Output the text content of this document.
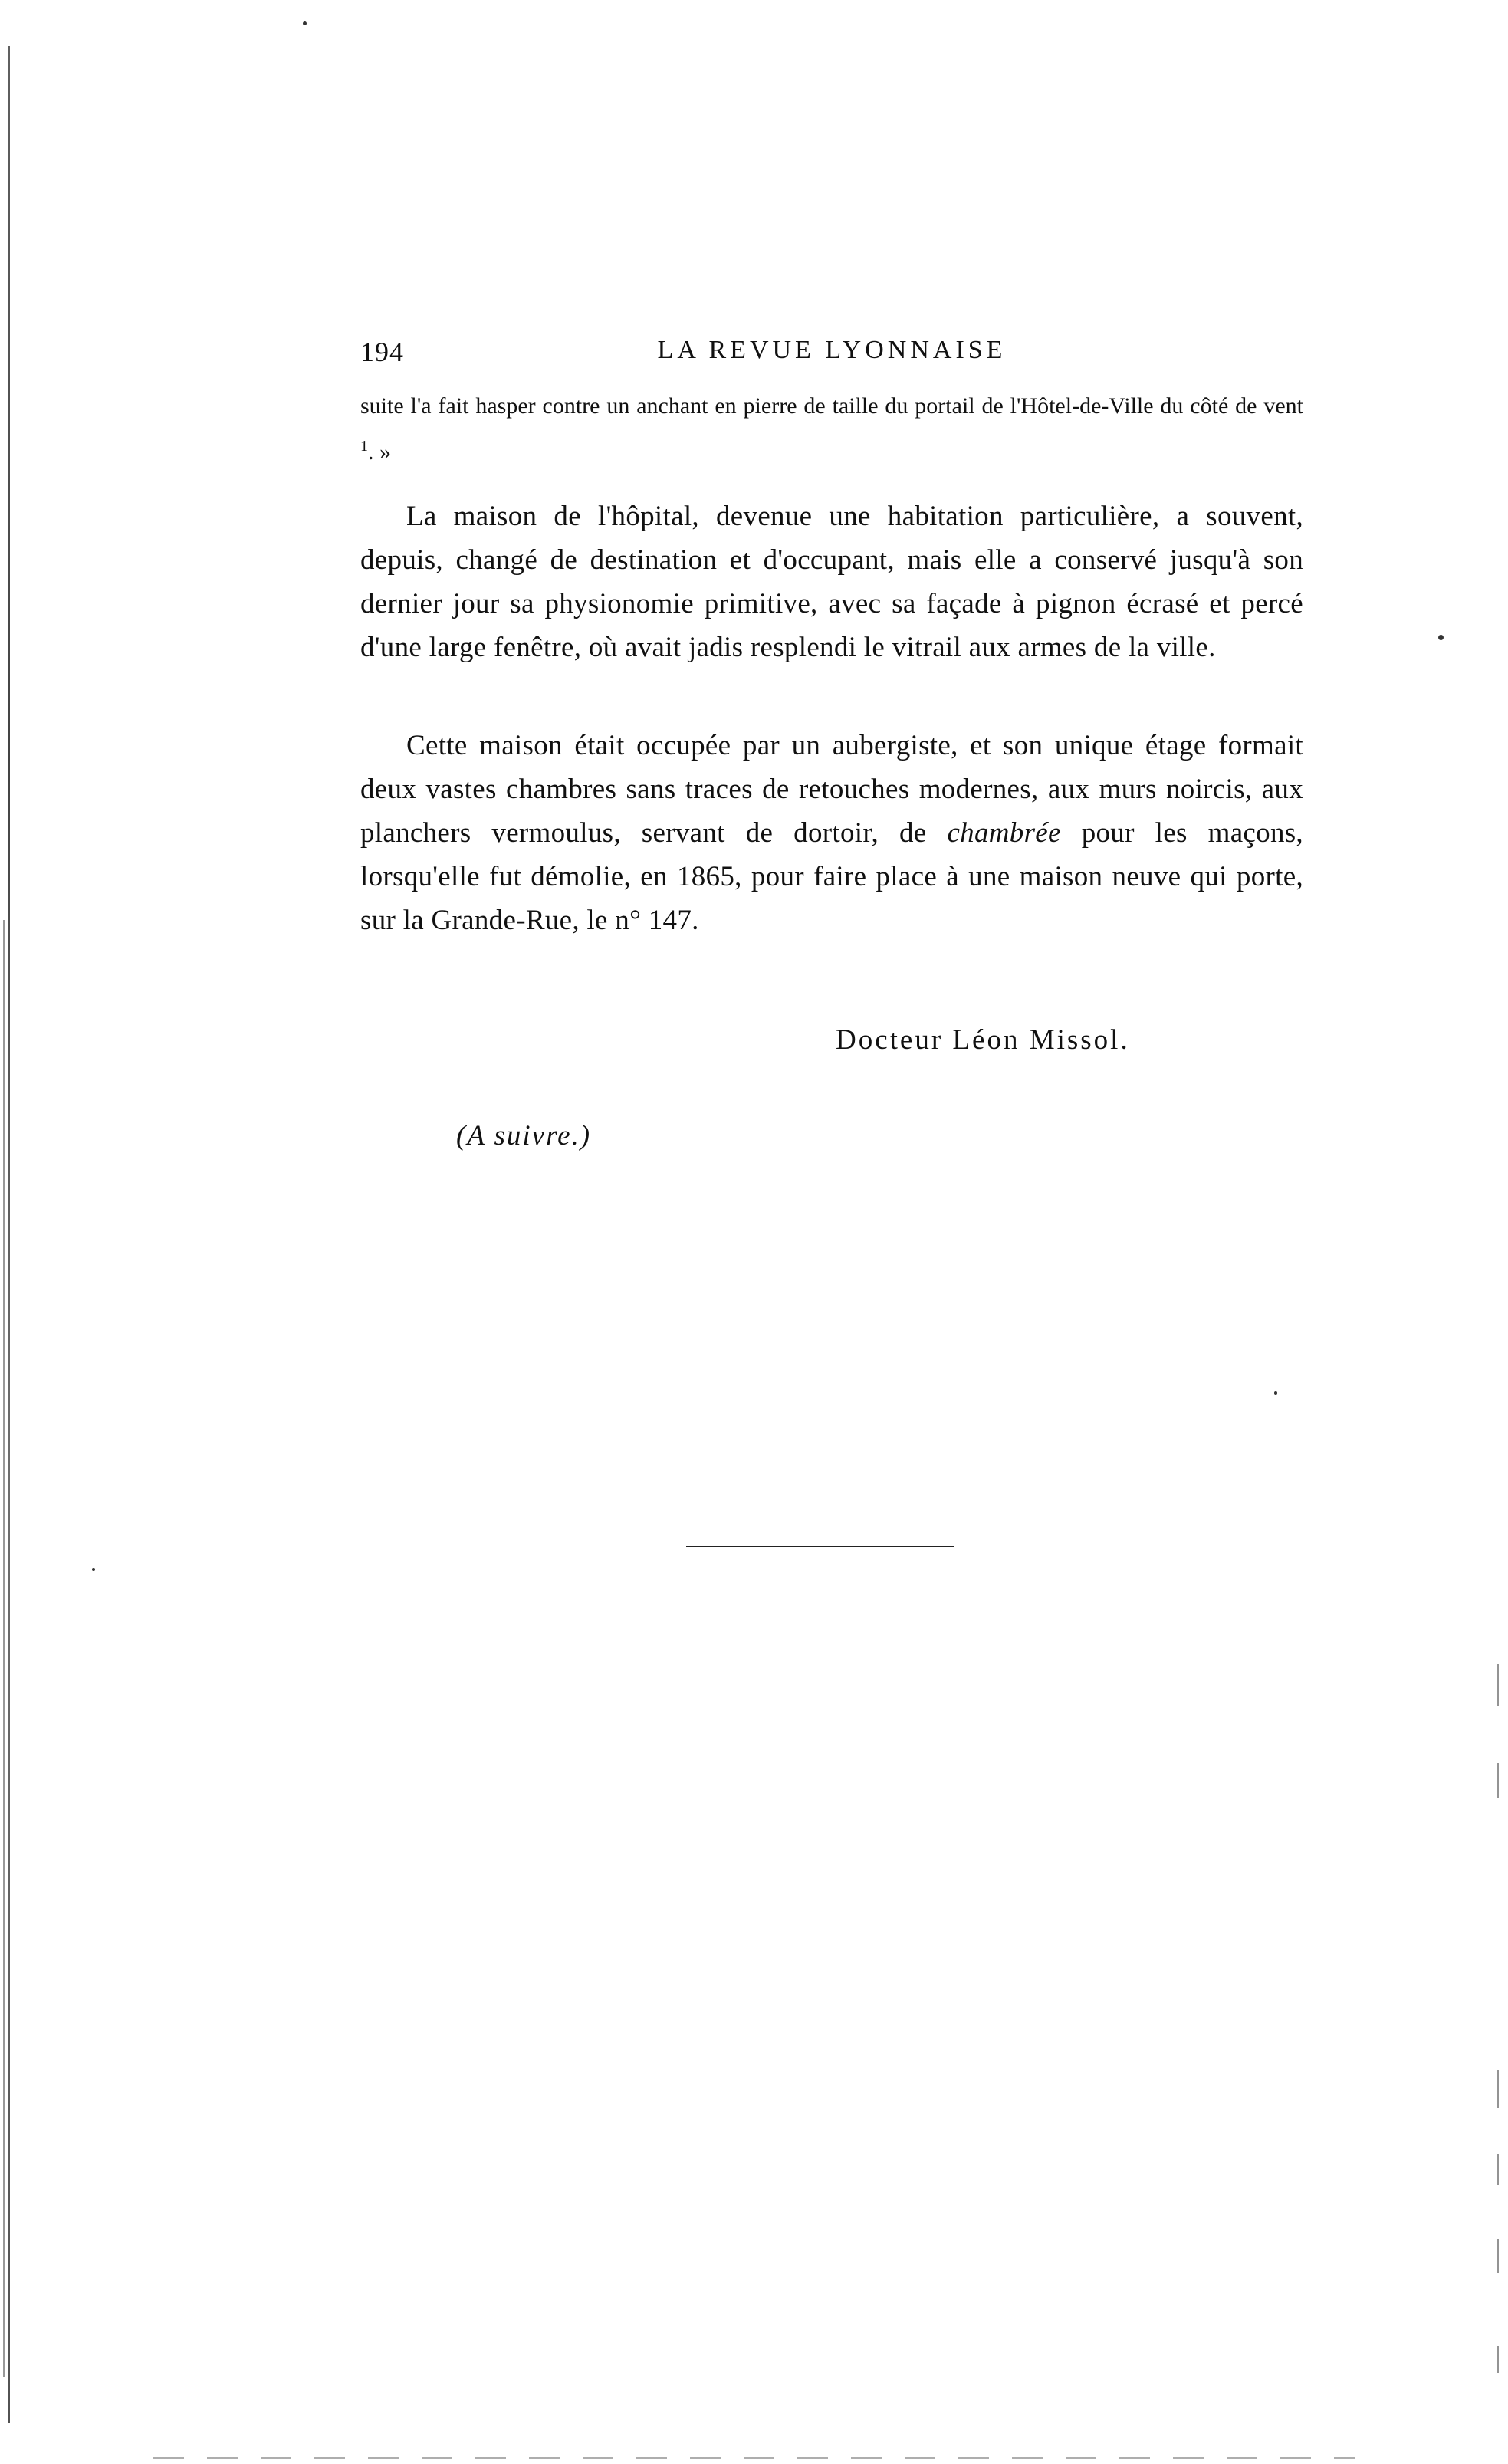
194	LA REVUE LYONNAISE

suite l'a fait hasper contre un anchant en pierre de taille du portail de l'Hôtel-de-Ville du côté de vent $^1$. »

La maison de l'hôpital, devenue une habitation particulière, a souvent, depuis, changé de destination et d'occupant, mais elle a conservé jusqu'à son dernier jour sa physionomie primitive, avec sa façade à pignon écrasé et percé d'une large fenêtre, où avait jadis resplendi le vitrail aux armes de la ville.

Cette maison était occupée par un aubergiste, et son unique étage formait deux vastes chambres sans traces de retouches modernes, aux murs noircis, aux planchers vermoulus, servant de dortoir, de chambrée pour les maçons, lorsqu'elle fut démolie, en 1865, pour faire place à une maison neuve qui porte, sur la Grande-Rue, le n° 147.

Docteur Léon Missol.
(A suivre.)
